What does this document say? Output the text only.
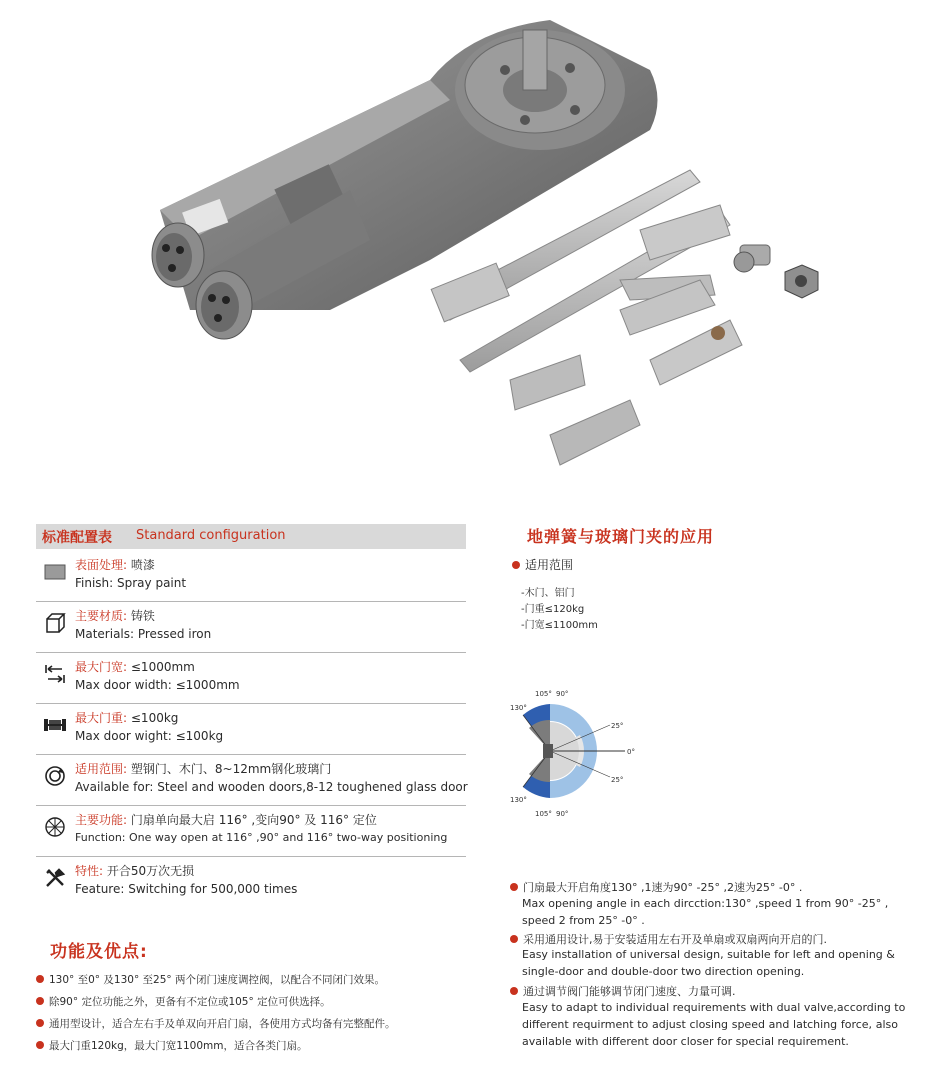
标准配置表 Standard configuration
表面处理: 喷漆
Finish: Spray paint
主要材质: 铸铁
Materials: Pressed iron
最大门宽: ≤1000mm
Max door width: ≤1000mm
最大门重: ≤100kg
Max door wight: ≤100kg
适用范围: 塑钢门、木门、8~12mm钢化玻璃门
Available for: Steel and wooden doors,8-12 toughened glass door
主要功能: 门扇单向最大启 116° ,变向90° 及 116° 定位
Function: One way open at 116° ,90° and 116° two-way positioning
特性: 开合50万次无损
Feature: Switching for 500,000 times
功能及优点:
130° 至0° 及130° 至25° 两个闭门速度调控阀，以配合不同闭门效果。
除90° 定位功能之外，更备有不定位或105° 定位可供选择。
通用型设计，适合左右手及单双向开启门扇，各使用方式均备有完整配件。
最大门重120kg，最大门宽1100mm，适合各类门扇。
地弹簧与玻璃门夹的应用
适用范围
-木门、铝门
-门重≤120kg
-门宽≤1100mm
130°
105° 90°
25°
0°
25°
130°
105° 90°
门扇最大开启角度130° ,1速为90° -25° ,2速为25° -0° .
Max opening angle in each dircction:130° ,speed 1 from 90° -25° ,
speed 2 from 25° -0° .
采用通用设计,易于安装适用左右开及单扇或双扇两向开启的门.
Easy installation of universal design, suitable for left and opening &
single-door and double-door two direction opening.
通过调节阀门能够调节闭门速度、力量可调.
Easy to adapt to individual requirements with dual valve,according to
different requirment to adjust closing speed and latching force, also
available with different door closer for special requirement.
